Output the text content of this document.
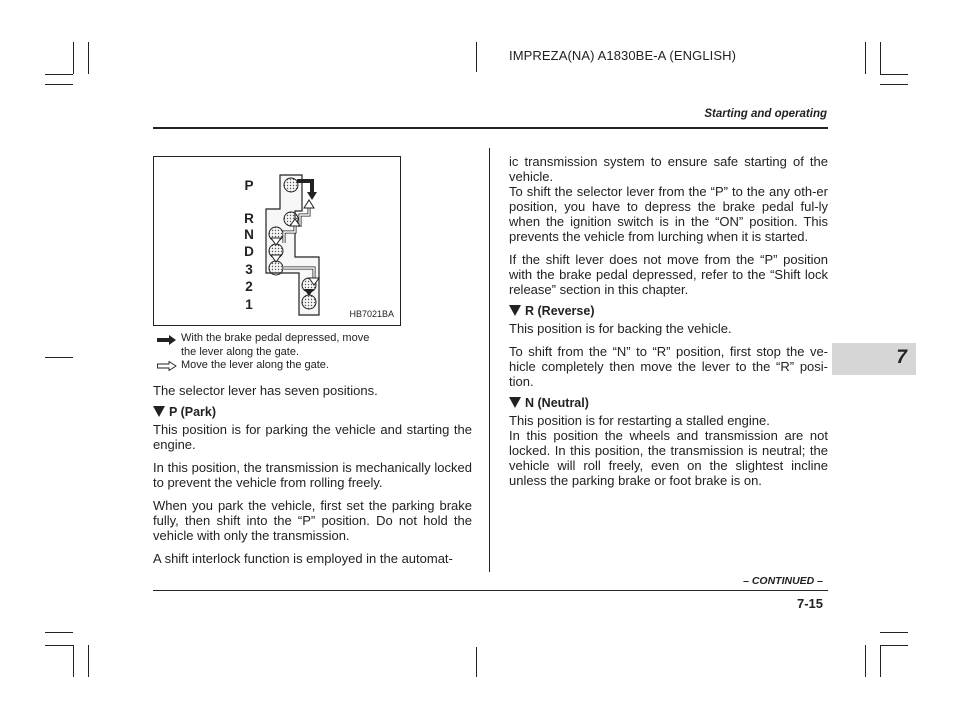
IMPREZA(NA) A1830BE-A (ENGLISH)
Starting and operating
7
P
R
N
D
3
2
1
HB7021BA
With the brake pedal depressed, move
the lever along the gate.
Move the lever along the gate.

The selector lever has seven positions.

P (Park)

This position is for parking the vehicle and starting the engine.

In this position, the transmission is mechanically locked to prevent the vehicle from rolling freely.

When you park the vehicle, first set the parking brake fully, then shift into the “P” position. Do not hold the vehicle with only the transmission.

A shift interlock function is employed in the automat-

ic transmission system to ensure safe starting of the vehicle.

To shift the selector lever from the “P” to the any oth-er position, you have to depress the brake pedal ful-ly when the ignition switch is in the “ON” position. This prevents the vehicle from lurching when it is started.

If the shift lever does not move from the “P” position with the brake pedal depressed, refer to the “Shift lock release” section in this chapter.

R (Reverse)

This position is for backing the vehicle.

To shift from the “N” to “R” position, first stop the ve-hicle completely then move the lever to the “R” posi-tion.

N (Neutral)

This position is for restarting a stalled engine.

In this position the wheels and transmission are not locked. In this position, the transmission is neutral; the vehicle will roll freely, even on the slightest incline unless the parking brake or foot brake is on.

– CONTINUED –
7-15
